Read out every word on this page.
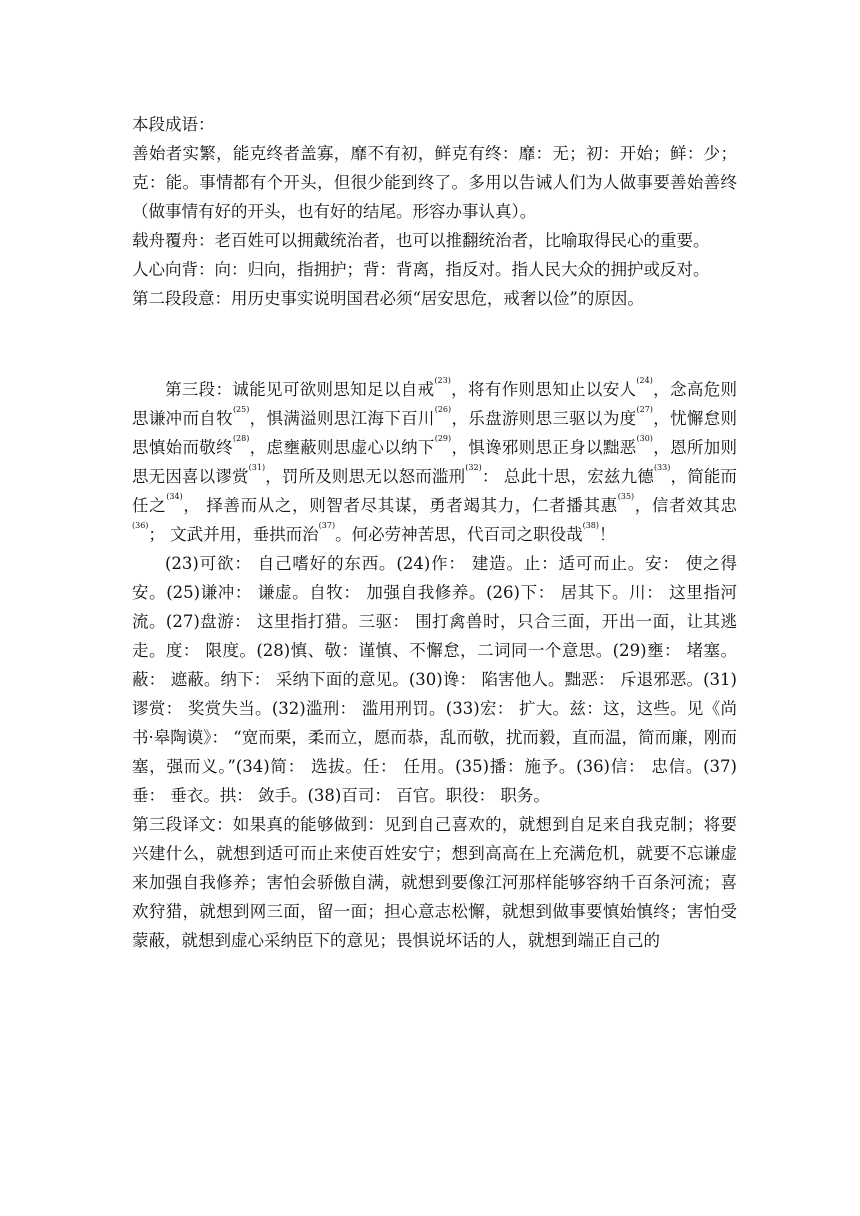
本段成语：

善始者实繁，能克终者盖寡，靡不有初，鲜克有终：靡：无；初：开始；鲜：少；克：能。事情都有个开头，但很少能到终了。多用以告诫人们为人做事要善始善终（做事情有好的开头，也有好的结尾。形容办事认真）。

载舟覆舟：老百姓可以拥戴统治者，也可以推翻统治者，比喻取得民心的重要。

人心向背：向：归向，指拥护；背：背离，指反对。指人民大众的拥护或反对。

第二段段意：用历史事实说明国君必须“居安思危，戒奢以俭”的原因。

第三段：诚能见可欲则思知足以自戒$^{(23)}$，将有作则思知止以安人$^{(24)}$，念高危则思谦冲而自牧$^{(25)}$，惧满溢则思江海下百川$^{(26)}$，乐盘游则思三驱以为度$^{(27)}$，忧懈怠则思慎始而敬终$^{(28)}$，虑壅蔽则思虚心以纳下$^{(29)}$，惧谗邪则思正身以黜恶$^{(30)}$，恩所加则思无因喜以谬赏$^{(31)}$，罚所及则思无以怒而滥刑$^{(32)}$： 总此十思，宏兹九德$^{(33)}$，简能而任之$^{(34)}$， 择善而从之，则智者尽其谋，勇者竭其力，仁者播其惠$^{(35)}$，信者效其忠$^{(36)}$； 文武并用，垂拱而治$^{(37)}$。何必劳神苦思，代百司之职役哉$^{(38)}$！

(23)可欲： 自己嗜好的东西。(24)作： 建造。止：适可而止。安： 使之得安。(25)谦冲： 谦虚。自牧： 加强自我修养。(26)下： 居其下。川： 这里指河流。(27)盘游： 这里指打猎。三驱： 围打禽兽时，只合三面，开出一面，让其逃走。度： 限度。(28)慎、敬：谨慎、不懈怠，二词同一个意思。(29)壅： 堵塞。蔽： 遮蔽。纳下： 采纳下面的意见。(30)谗： 陷害他人。黜恶： 斥退邪恶。(31)谬赏： 奖赏失当。(32)滥刑： 滥用刑罚。(33)宏： 扩大。兹：这，这些。见《尚书·皋陶谟》： “宽而栗，柔而立，愿而恭，乱而敬，扰而毅，直而温，简而廉，刚而塞，强而义。”(34)简： 选拔。任： 任用。(35)播：施予。(36)信： 忠信。(37)垂： 垂衣。拱： 敛手。(38)百司： 百官。职役： 职务。

第三段译文：如果真的能够做到：见到自己喜欢的，就想到自足来自我克制；将要兴建什么，就想到适可而止来使百姓安宁；想到高高在上充满危机，就要不忘谦虚来加强自我修养；害怕会骄傲自满，就想到要像江河那样能够容纳千百条河流；喜欢狩猎，就想到网三面，留一面；担心意志松懈，就想到做事要慎始慎终；害怕受蒙蔽，就想到虚心采纳臣下的意见；畏惧说坏话的人，就想到端正自己的
